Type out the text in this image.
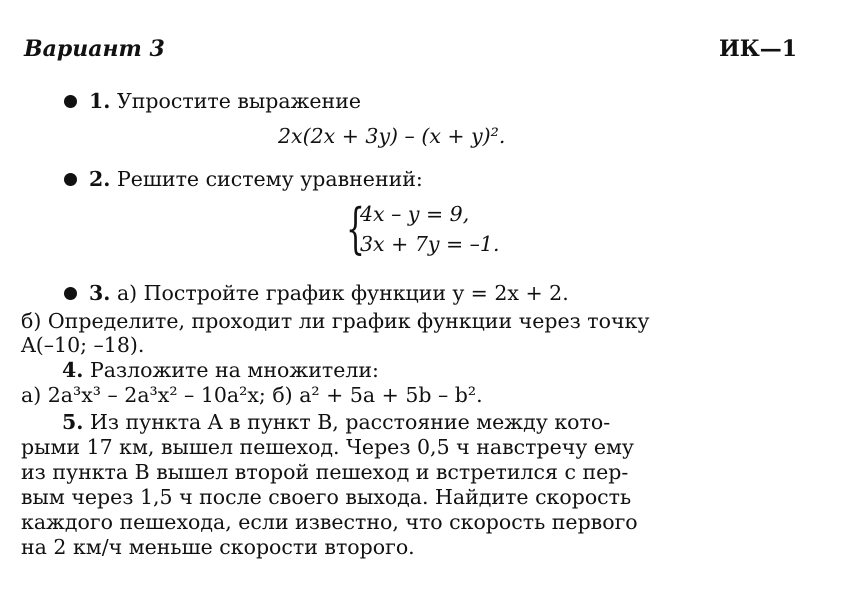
Вариант 3	ИК—1
1. Упростите выражение
2x(2x + 3y) – (x + y)².
2. Решите систему уравнений:
{
4x – y = 9,
3x + 7y = –1.
3. а) Постройте график функции y = 2x + 2.
б) Определите, проходит ли график функции через точку
A(–10; –18).
4. Разложите на множители:
а) 2a³x³ – 2a³x² – 10a²x; б) a² + 5a + 5b – b².
5. Из пункта A в пункт B, расстояние между кото-
рыми 17 км, вышел пешеход. Через 0,5 ч навстречу ему
из пункта B вышел второй пешеход и встретился с пер-
вым через 1,5 ч после своего выхода. Найдите скорость
каждого пешехода, если известно, что скорость первого
на 2 км/ч меньше скорости второго.
